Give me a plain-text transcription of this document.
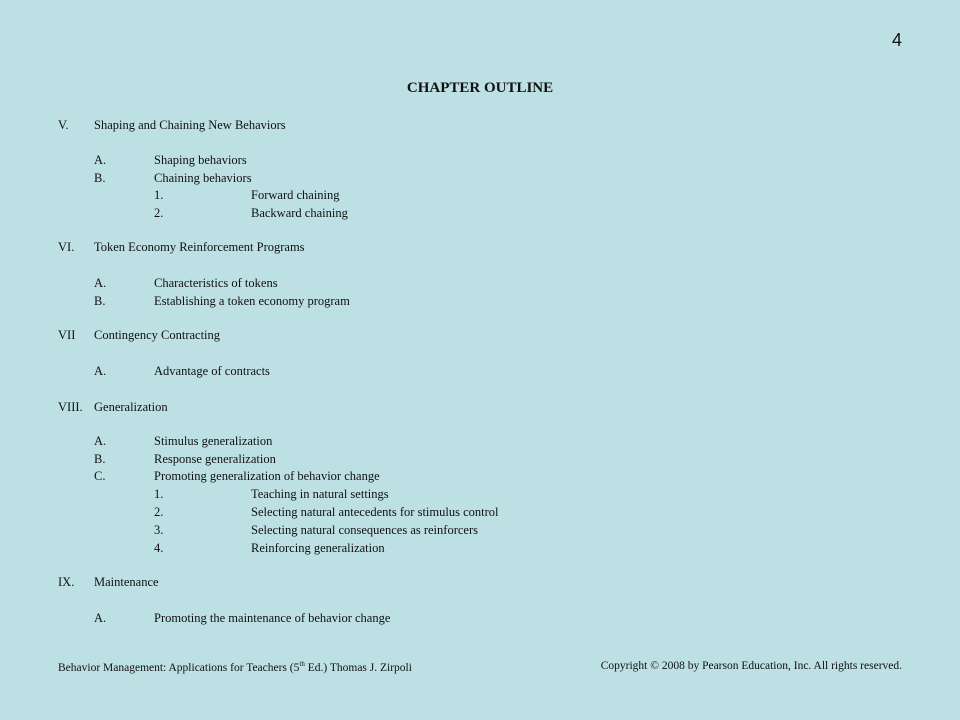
4
CHAPTER OUTLINE
V. Shaping and Chaining New Behaviors
A.	Shaping behaviors
B.	Chaining behaviors
1.	Forward chaining
2.	Backward chaining
VI. Token Economy Reinforcement Programs
A.	Characteristics of tokens
B.	Establishing a token economy program
VII Contingency Contracting
A.	Advantage of contracts
VIII. Generalization
A.	Stimulus generalization
B.	Response generalization
C.	Promoting generalization of behavior change
1.	Teaching in natural settings
2.	Selecting natural antecedents for stimulus control
3.	Selecting natural consequences as reinforcers
4.	Reinforcing generalization
IX. Maintenance
A.	Promoting the maintenance of behavior change
Behavior Management: Applications for Teachers (5th Ed.) Thomas J. Zirpoli	Copyright © 2008 by Pearson Education, Inc. All rights reserved.
